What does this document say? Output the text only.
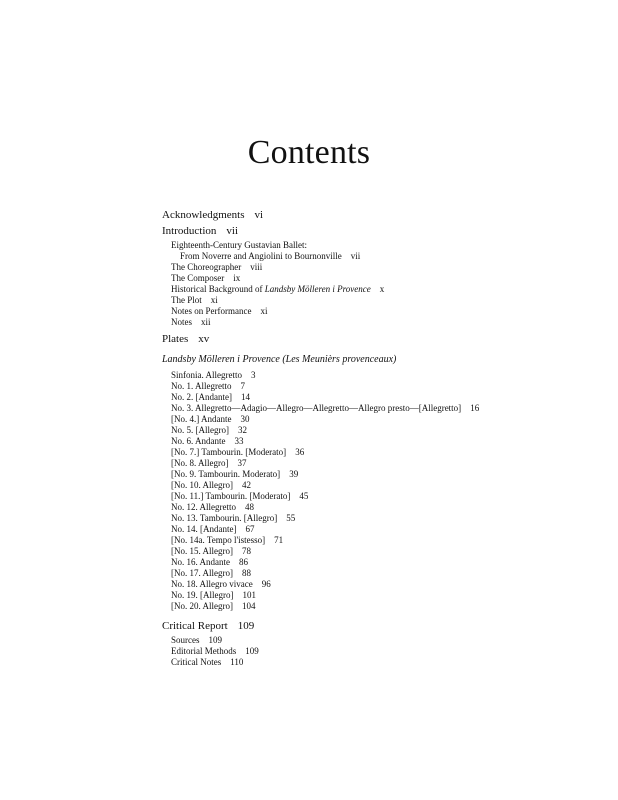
Contents
Acknowledgments vi
Introduction vii
Eighteenth-Century Gustavian Ballet:
From Noverre and Angiolini to Bournonville vii
The Choreographer viii
The Composer ix
Historical Background of Landsby Mölleren i Provence x
The Plot xi
Notes on Performance xi
Notes xii
Plates xv
Landsby Mölleren i Provence (Les Meunièrs provenceaux)
Sinfonia. Allegretto 3
No. 1. Allegretto 7
No. 2. [Andante] 14
No. 3. Allegretto—Adagio—Allegro—Allegretto—Allegro presto—[Allegretto] 16
[No. 4.] Andante 30
No. 5. [Allegro] 32
No. 6. Andante 33
[No. 7.] Tambourin. [Moderato] 36
[No. 8. Allegro] 37
[No. 9. Tambourin. Moderato] 39
[No. 10. Allegro] 42
[No. 11.] Tambourin. [Moderato] 45
No. 12. Allegretto 48
No. 13. Tambourin. [Allegro] 55
No. 14. [Andante] 67
[No. 14a. Tempo l'istesso] 71
[No. 15. Allegro] 78
No. 16. Andante 86
[No. 17. Allegro] 88
No. 18. Allegro vivace 96
No. 19. [Allegro] 101
[No. 20. Allegro] 104
Critical Report 109
Sources 109
Editorial Methods 109
Critical Notes 110
